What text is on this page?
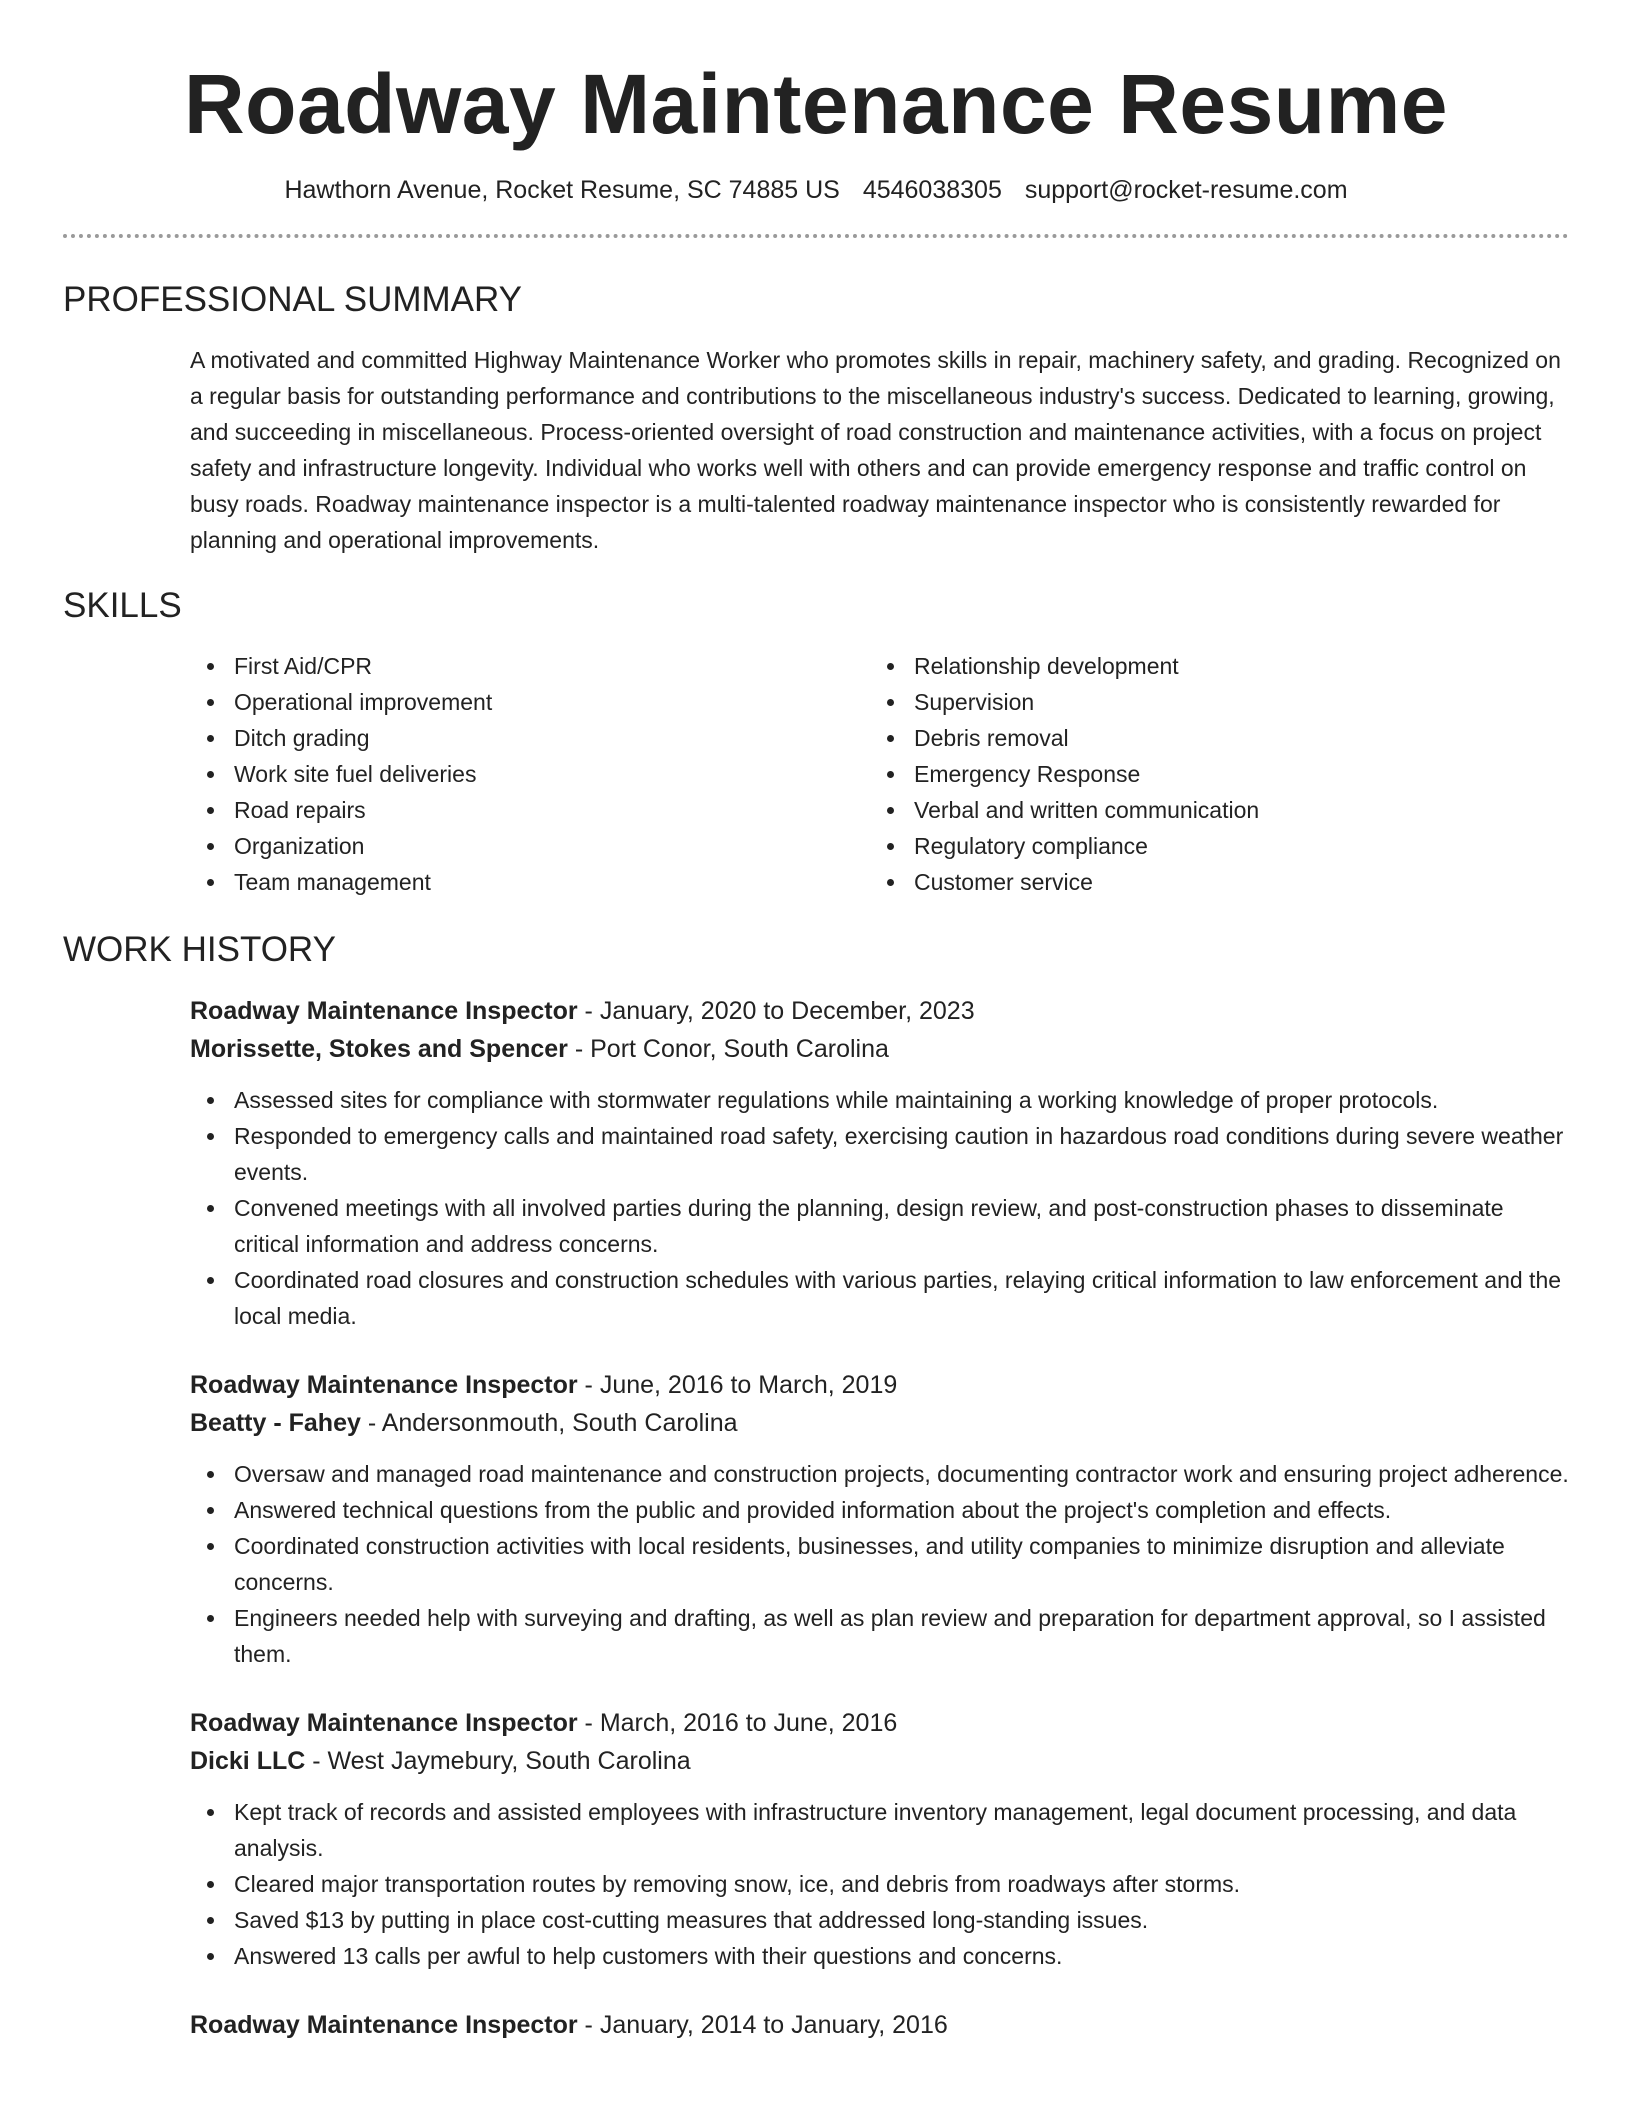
Roadway Maintenance Resume
Hawthorn Avenue, Rocket Resume, SC 74885 US 4546038305 support@rocket-resume.com
PROFESSIONAL SUMMARY

A motivated and committed Highway Maintenance Worker who promotes skills in repair, machinery safety, and grading. Recognized on a regular basis for outstanding performance and contributions to the miscellaneous industry's success. Dedicated to learning, growing, and succeeding in miscellaneous. Process-oriented oversight of road construction and maintenance activities, with a focus on project safety and infrastructure longevity. Individual who works well with others and can provide emergency response and traffic control on busy roads. Roadway maintenance inspector is a multi-talented roadway maintenance inspector who is consistently rewarded for planning and operational improvements.

SKILLS
First Aid/CPR
Operational improvement
Ditch grading
Work site fuel deliveries
Road repairs
Organization
Team management
Relationship development
Supervision
Debris removal
Emergency Response
Verbal and written communication
Regulatory compliance
Customer service
WORK HISTORY
Roadway Maintenance Inspector - January, 2020 to December, 2023
Morissette, Stokes and Spencer - Port Conor, South Carolina
Assessed sites for compliance with stormwater regulations while maintaining a working knowledge of proper protocols.
Responded to emergency calls and maintained road safety, exercising caution in hazardous road conditions during severe weather events.
Convened meetings with all involved parties during the planning, design review, and post-construction phases to disseminate critical information and address concerns.
Coordinated road closures and construction schedules with various parties, relaying critical information to law enforcement and the local media.
Roadway Maintenance Inspector - June, 2016 to March, 2019
Beatty - Fahey - Andersonmouth, South Carolina
Oversaw and managed road maintenance and construction projects, documenting contractor work and ensuring project adherence.
Answered technical questions from the public and provided information about the project's completion and effects.
Coordinated construction activities with local residents, businesses, and utility companies to minimize disruption and alleviate concerns.
Engineers needed help with surveying and drafting, as well as plan review and preparation for department approval, so I assisted them.
Roadway Maintenance Inspector - March, 2016 to June, 2016
Dicki LLC - West Jaymebury, South Carolina
Kept track of records and assisted employees with infrastructure inventory management, legal document processing, and data analysis.
Cleared major transportation routes by removing snow, ice, and debris from roadways after storms.
Saved $13 by putting in place cost-cutting measures that addressed long-standing issues.
Answered 13 calls per awful to help customers with their questions and concerns.
Roadway Maintenance Inspector - January, 2014 to January, 2016
